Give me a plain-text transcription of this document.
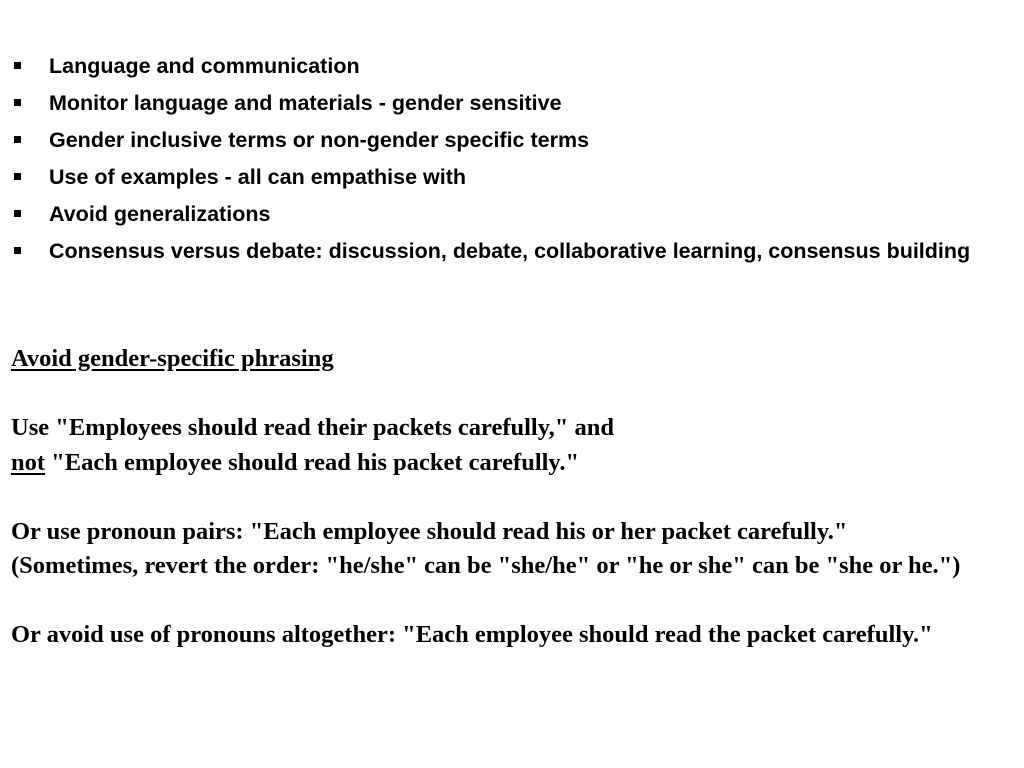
Language and communication
Monitor language and materials - gender sensitive
Gender inclusive terms or non-gender specific terms
Use of examples - all can empathise with
Avoid generalizations
Consensus versus debate: discussion, debate, collaborative learning, consensus building

Avoid gender-specific phrasing

Use "Employees should read their packets carefully," and

not "Each employee should read his packet carefully."

Or use pronoun pairs: "Each employee should read his or her packet carefully."
(Sometimes, revert the order: "he/she" can be "she/he" or "he or she" can be "she or he.")

Or avoid use of pronouns altogether: "Each employee should read the packet carefully."
